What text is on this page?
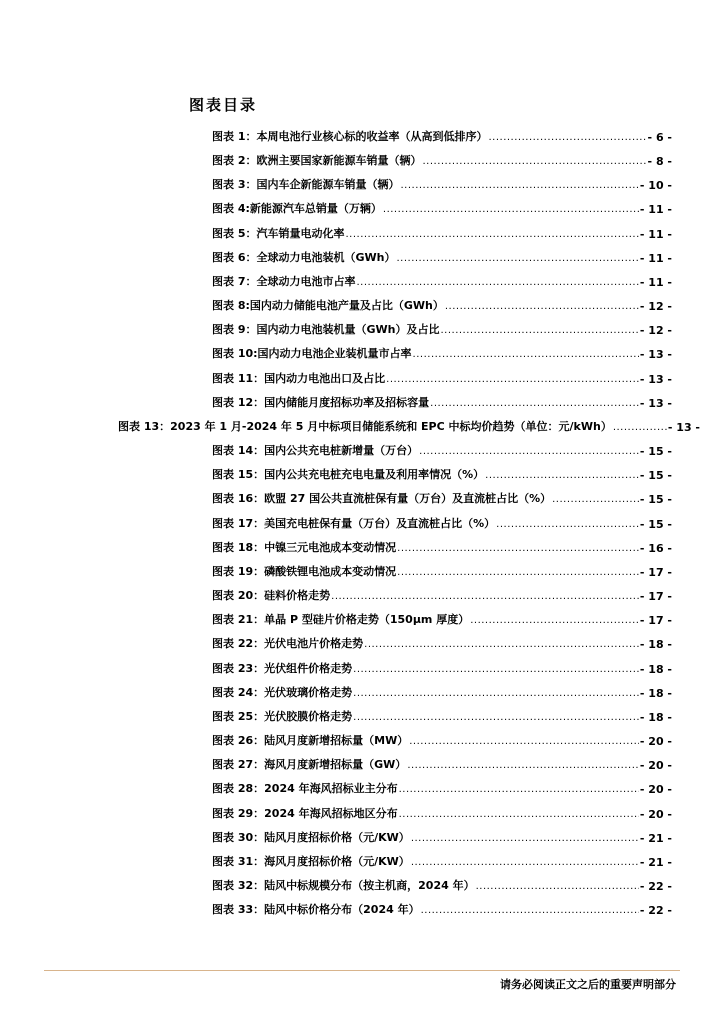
图表目录
图表 1：本周电池行业核心标的收益率（从高到低排序） .....	- 6 -
图表 2：欧洲主要国家新能源车销量（辆） .....	- 8 -
图表 3：国内车企新能源车销量（辆） .....	- 10 -
图表 4:新能源汽车总销量（万辆） .....	- 11 -
图表 5：汽车销量电动化率 .....	- 11 -
图表 6：全球动力电池装机（GWh） .....	- 11 -
图表 7：全球动力电池市占率 .....	- 11 -
图表 8:国内动力储能电池产量及占比（GWh） .....	- 12 -
图表 9：国内动力电池装机量（GWh）及占比 .....	- 12 -
图表 10:国内动力电池企业装机量市占率 .....	- 13 -
图表 11：国内动力电池出口及占比 .....	- 13 -
图表 12：国内储能月度招标功率及招标容量 .....	- 13 -
图表 13：2023 年 1 月-2024 年 5 月中标项目储能系统和 EPC 中标均价趋势（单位：元/kWh） .....	- 13 -
图表 14：国内公共充电桩新增量（万台） .....	- 15 -
图表 15：国内公共充电桩充电电量及利用率情况（%） .....	- 15 -
图表 16：欧盟 27 国公共直流桩保有量（万台）及直流桩占比（%） .....	- 15 -
图表 17：美国充电桩保有量（万台）及直流桩占比（%） .....	- 15 -
图表 18：中镍三元电池成本变动情况 .....	- 16 -
图表 19：磷酸铁锂电池成本变动情况 .....	- 17 -
图表 20：硅料价格走势 .....	- 17 -
图表 21：单晶 P 型硅片价格走势（150μm 厚度） .....	- 17 -
图表 22：光伏电池片价格走势 .....	- 18 -
图表 23：光伏组件价格走势 .....	- 18 -
图表 24：光伏玻璃价格走势 .....	- 18 -
图表 25：光伏胶膜价格走势 .....	- 18 -
图表 26：陆风月度新增招标量（MW） .....	- 20 -
图表 27：海风月度新增招标量（GW） .....	- 20 -
图表 28：2024 年海风招标业主分布 .....	- 20 -
图表 29：2024 年海风招标地区分布 .....	- 20 -
图表 30：陆风月度招标价格（元/KW） .....	- 21 -
图表 31：海风月度招标价格（元/KW） .....	- 21 -
图表 32：陆风中标规模分布（按主机商，2024 年） .....	- 22 -
图表 33：陆风中标价格分布（2024 年） .....	- 22 -
请务必阅读正文之后的重要声明部分
